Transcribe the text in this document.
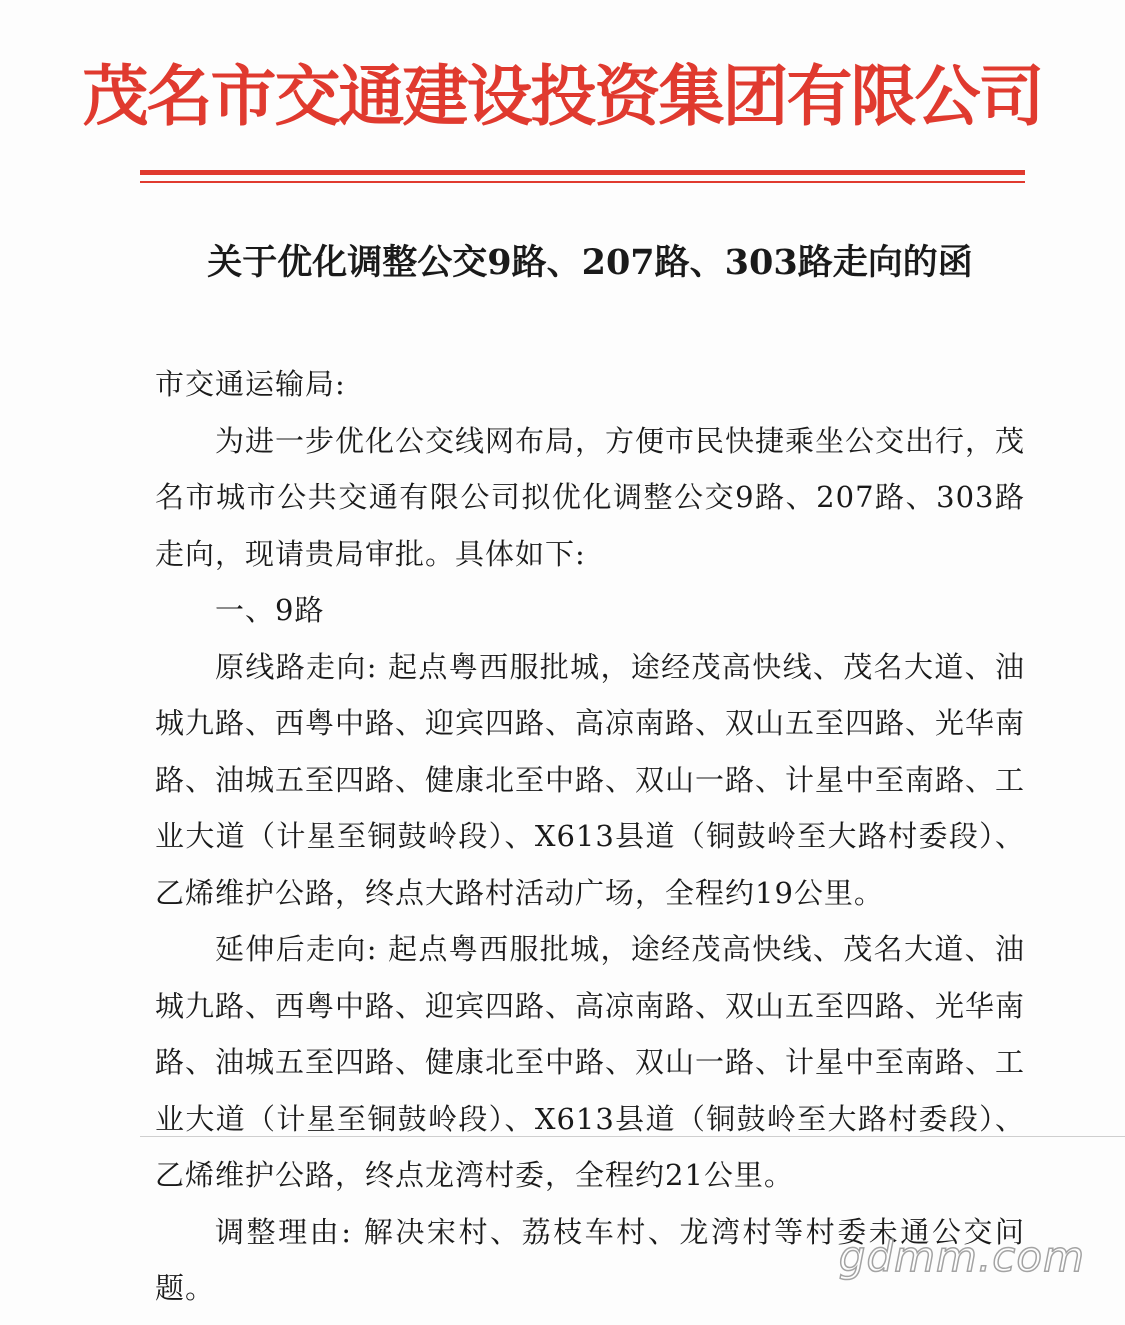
茂名市交通建设投资集团有限公司
关于优化调整公交9路、207路、303路走向的函

市交通运输局:

为进一步优化公交线网布局，方便市民快捷乘坐公交出行，茂名市城市公共交通有限公司拟优化调整公交9路、207路、303路走向，现请贵局审批。具体如下:

一、9路

原线路走向: 起点粤西服批城，途经茂高快线、茂名大道、油城九路、西粤中路、迎宾四路、高凉南路、双山五至四路、光华南路、油城五至四路、健康北至中路、双山一路、计星中至南路、工业大道（计星至铜鼓岭段）、X613县道（铜鼓岭至大路村委段）、乙烯维护公路，终点大路村活动广场，全程约19公里。

延伸后走向: 起点粤西服批城，途经茂高快线、茂名大道、油城九路、西粤中路、迎宾四路、高凉南路、双山五至四路、光华南路、油城五至四路、健康北至中路、双山一路、计星中至南路、工业大道（计星至铜鼓岭段）、X613县道（铜鼓岭至大路村委段）、乙烯维护公路，终点龙湾村委，全程约21公里。

调整理由: 解决宋村、荔枝车村、龙湾村等村委未通公交问题。

gdmm.com
